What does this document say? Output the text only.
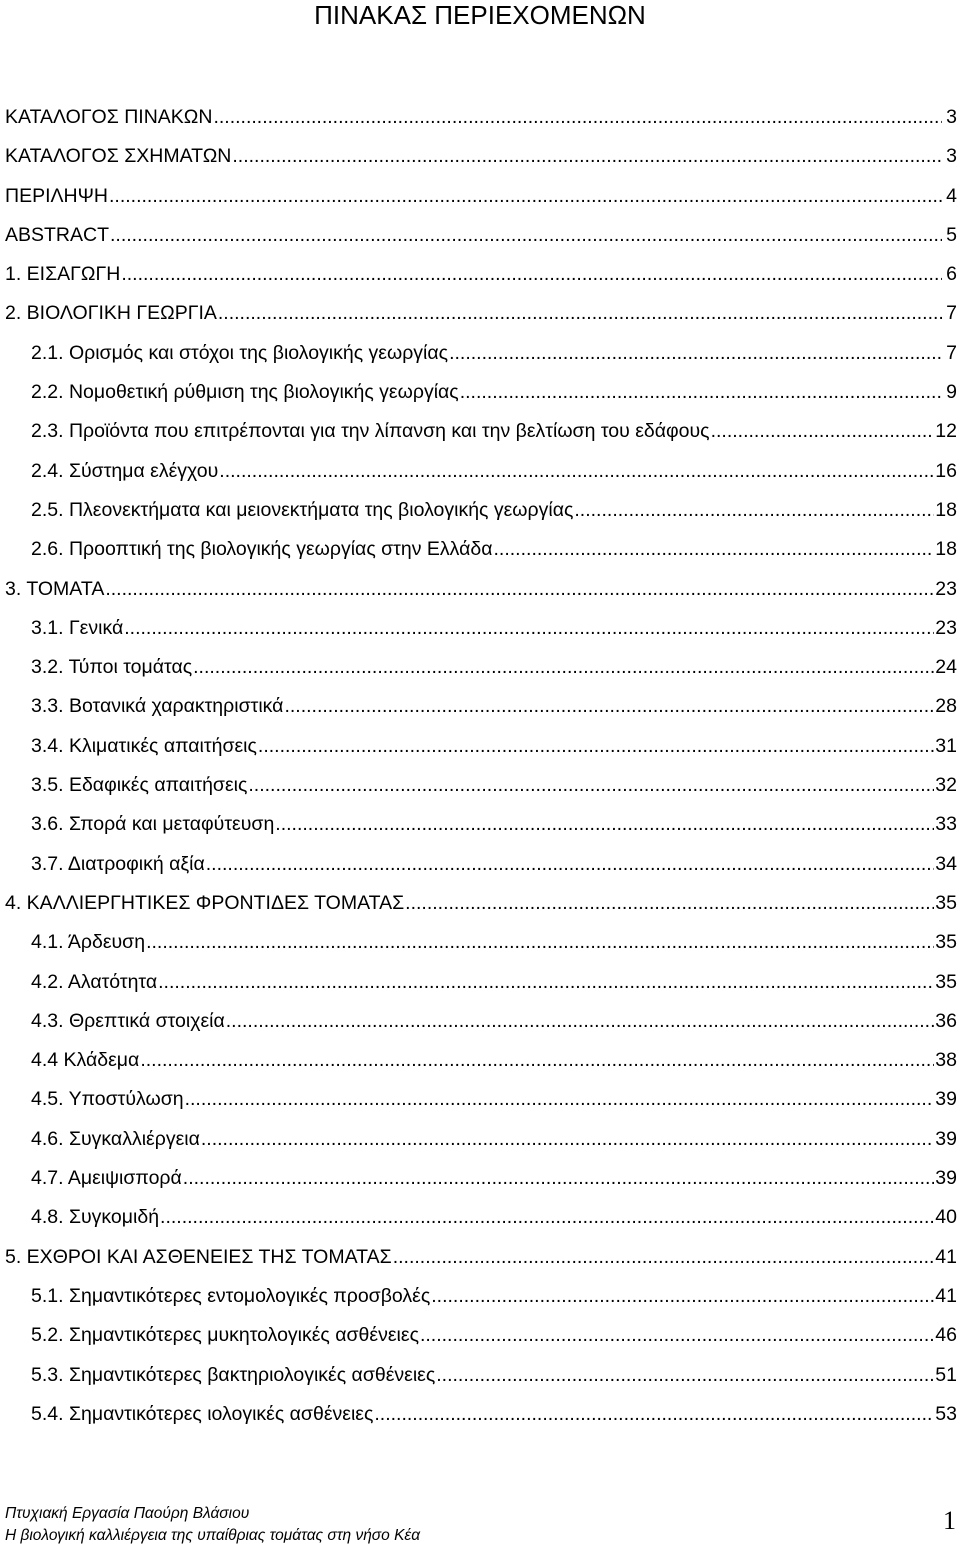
ΠΙΝΑΚΑΣ ΠΕΡΙΕΧΟΜΕΝΩΝ
ΚΑΤΑΛΟΓΟΣ ΠΙΝΑΚΩΝ .....	3
ΚΑΤΑΛΟΓΟΣ ΣΧΗΜΑΤΩΝ .....	3
ΠΕΡΙΛΗΨΗ .....	4
ABSTRACT .....	5
1. ΕΙΣΑΓΩΓΗ .....	6
2. ΒΙΟΛΟΓΙΚΗ ΓΕΩΡΓΙΑ .....	7
2.1. Ορισμός και στόχοι της βιολογικής γεωργίας .....	7
2.2. Νομοθετική ρύθμιση της βιολογικής γεωργίας .....	9
2.3. Προϊόντα που επιτρέπονται για την λίπανση και την βελτίωση του εδάφους .....	12
2.4. Σύστημα ελέγχου .....	16
2.5. Πλεονεκτήματα και μειονεκτήματα της βιολογικής γεωργίας .....	18
2.6. Προοπτική της βιολογικής γεωργίας στην Ελλάδα .....	18
3. ΤΟΜΑΤΑ .....	23
3.1. Γενικά .....	23
3.2. Τύποι τομάτας .....	24
3.3. Βοτανικά χαρακτηριστικά .....	28
3.4. Κλιματικές απαιτήσεις .....	31
3.5. Εδαφικές απαιτήσεις .....	32
3.6. Σπορά και μεταφύτευση .....	33
3.7. Διατροφική αξία .....	34
4. ΚΑΛΛΙΕΡΓΗΤΙΚΕΣ ΦΡΟΝΤΙΔΕΣ ΤΟΜΑΤΑΣ .....	35
4.1. Άρδευση .....	35
4.2. Αλατότητα .....	35
4.3. Θρεπτικά στοιχεία .....	36
4.4 Κλάδεμα .....	38
4.5. Υποστύλωση .....	39
4.6. Συγκαλλιέργεια .....	39
4.7. Αμειψισπορά .....	39
4.8. Συγκομιδή .....	40
5. ΕΧΘΡΟΙ ΚΑΙ ΑΣΘΕΝΕΙΕΣ ΤΗΣ ΤΟΜΑΤΑΣ .....	41
5.1. Σημαντικότερες εντομολογικές προσβολές .....	41
5.2. Σημαντικότερες μυκητολογικές ασθένειες .....	46
5.3. Σημαντικότερες βακτηριολογικές ασθένειες .....	51
5.4. Σημαντικότερες ιολογικές ασθένειες .....	53
Πτυχιακή Εργασία Παούρη Βλάσιου
Η βιολογική καλλιέργεια της υπαίθριας τομάτας στη νήσο Κέα
1
